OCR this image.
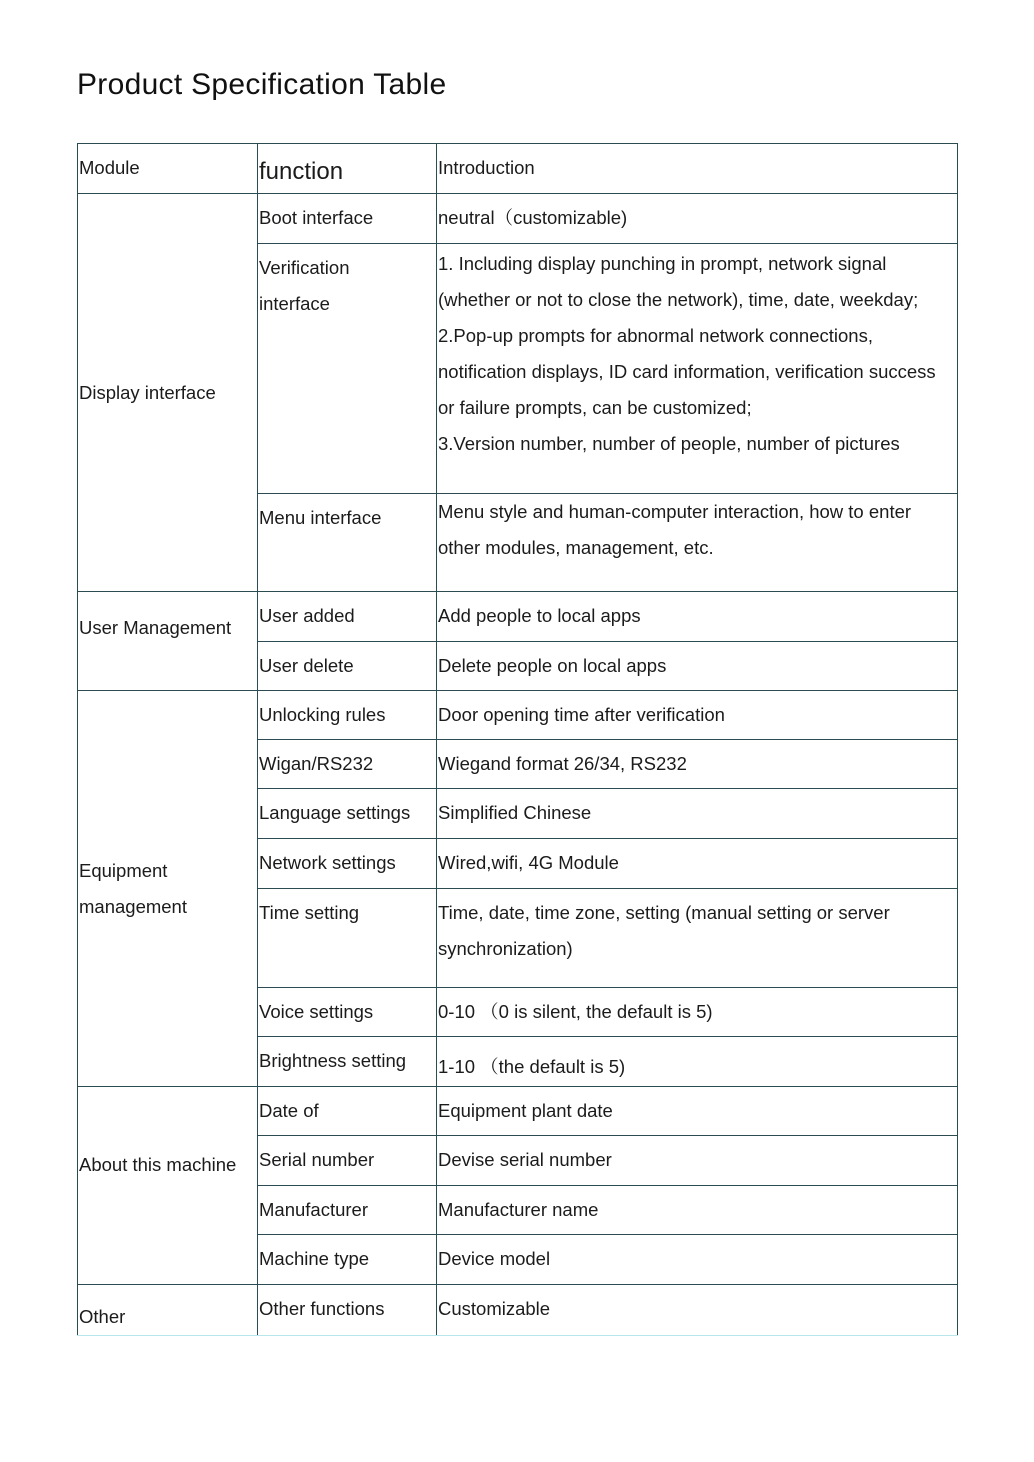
Product Specification Table
Module	function	Introduction
Display interface	Boot interface	neutral（customizable)
	Verification interface	1. Including display punching in prompt, network signal (whether or not to close the network), time, date, weekday;
2.Pop-up prompts for abnormal network connections, notification displays, ID card information, verification success or failure prompts, can be customized;
3.Version number, number of people, number of pictures

	Menu interface	Menu style and human-computer interaction, how to enter other modules, management, etc.
User Management	User added	Add people to local apps
	User delete	Delete people on local apps
Equipment management	Unlocking rules	Door opening time after verification
	Wigan/RS232	Wiegand format 26/34, RS232
	Language settings	Simplified Chinese
	Network settings	Wired,wifi, 4G Module
	Time setting	Time, date, time zone, setting (manual setting or server synchronization)
	Voice settings	0-10 （0 is silent, the default is 5)
	Brightness setting	1-10 （the default is 5)
About this machine	Date of	Equipment plant date
	Serial number	Devise serial number
	Manufacturer	Manufacturer name
	Machine type	Device model
Other	Other functions	Customizable
